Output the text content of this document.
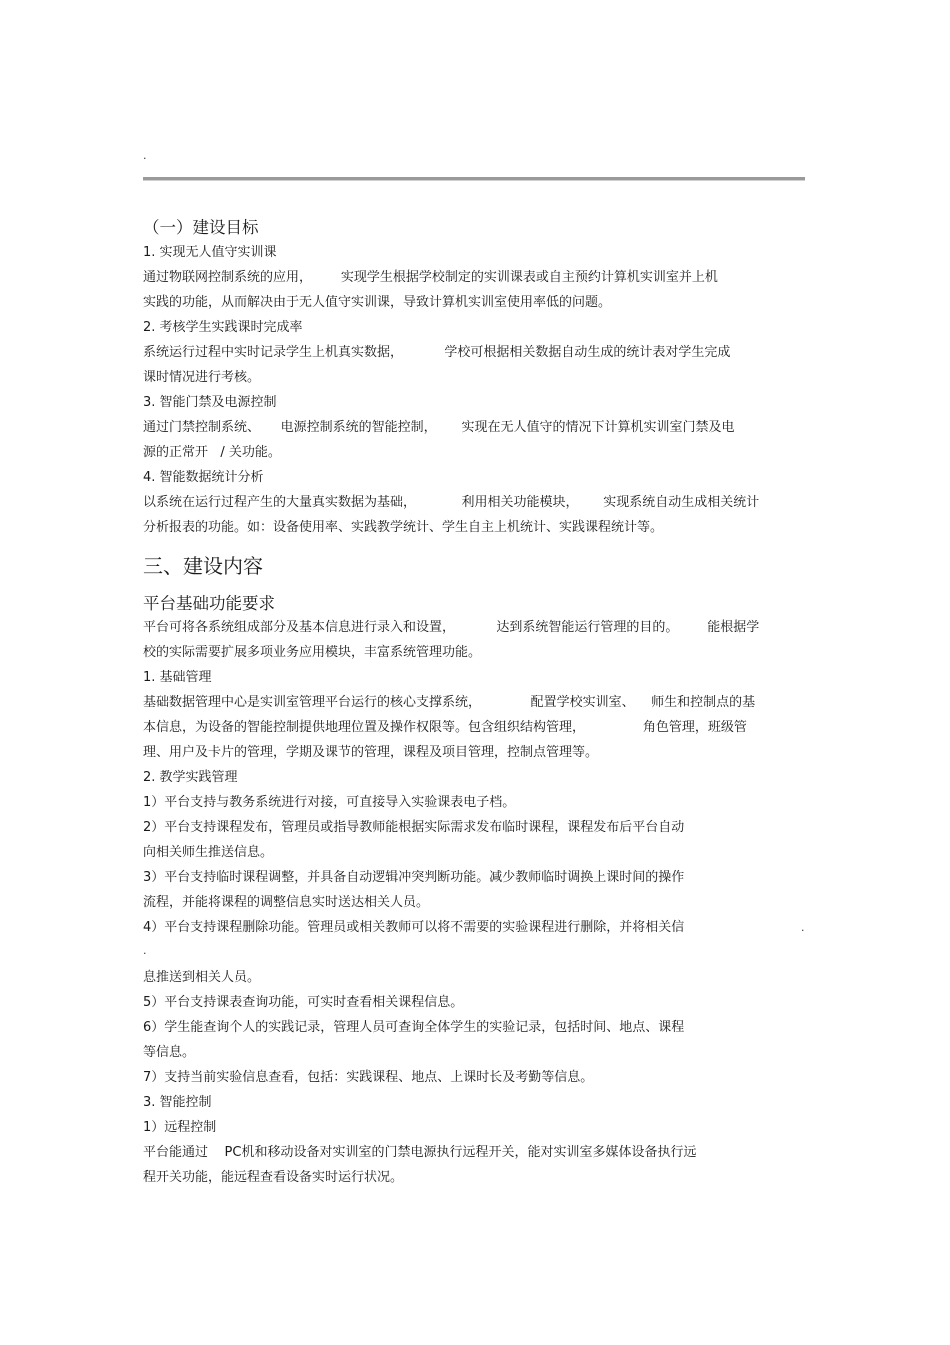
.
（一）建设目标
1. 实现无人值守实训课
通过物联网控制系统的应用，       实现学生根据学校制定的实训课表或自主预约计算机实训室并上机
实践的功能，从而解决由于无人值守实训课，导致计算机实训室使用率低的问题。
2. 考核学生实践课时完成率
系统运行过程中实时记录学生上机真实数据，          学校可根据相关数据自动生成的统计表对学生完成
课时情况进行考核。
3. 智能门禁及电源控制
通过门禁控制系统、     电源控制系统的智能控制，      实现在无人值守的情况下计算机实训室门禁及电
源的正常开   / 关功能。
4. 智能数据统计分析
以系统在运行过程产生的大量真实数据为基础，           利用相关功能模块，      实现系统自动生成相关统计
分析报表的功能。如：设备使用率、实践教学统计、学生自主上机统计、实践课程统计等。
三、建设内容
平台基础功能要求
平台可将各系统组成部分及基本信息进行录入和设置，          达到系统智能运行管理的目的。       能根据学
校的实际需要扩展多项业务应用模块，丰富系统管理功能。
1. 基础管理
基础数据管理中心是实训室管理平台运行的核心支撑系统，            配置学校实训室、    师生和控制点的基
本信息，为设备的智能控制提供地理位置及操作权限等。包含组织结构管理，              角色管理，班级管
理、用户及卡片的管理，学期及课节的管理，课程及项目管理，控制点管理等。
2. 教学实践管理
1）平台支持与教务系统进行对接，可直接导入实验课表电子档。
2）平台支持课程发布，管理员或指导教师能根据实际需求发布临时课程，课程发布后平台自动
向相关师生推送信息。
3）平台支持临时课程调整，并具备自动逻辑冲突判断功能。减少教师临时调换上课时间的操作
流程，并能将课程的调整信息实时送达相关人员。
4）平台支持课程删除功能。管理员或相关教师可以将不需要的实验课程进行删除，并将相关信	.
.
息推送到相关人员。
5）平台支持课表查询功能，可实时查看相关课程信息。
6）学生能查询个人的实践记录，管理人员可查询全体学生的实验记录，包括时间、地点、课程
等信息。
7）支持当前实验信息查看，包括：实践课程、地点、上课时长及考勤等信息。
3. 智能控制
1）远程控制
平台能通过    PC机和移动设备对实训室的门禁电源执行远程开关，能对实训室多媒体设备执行远
程开关功能，能远程查看设备实时运行状况。
